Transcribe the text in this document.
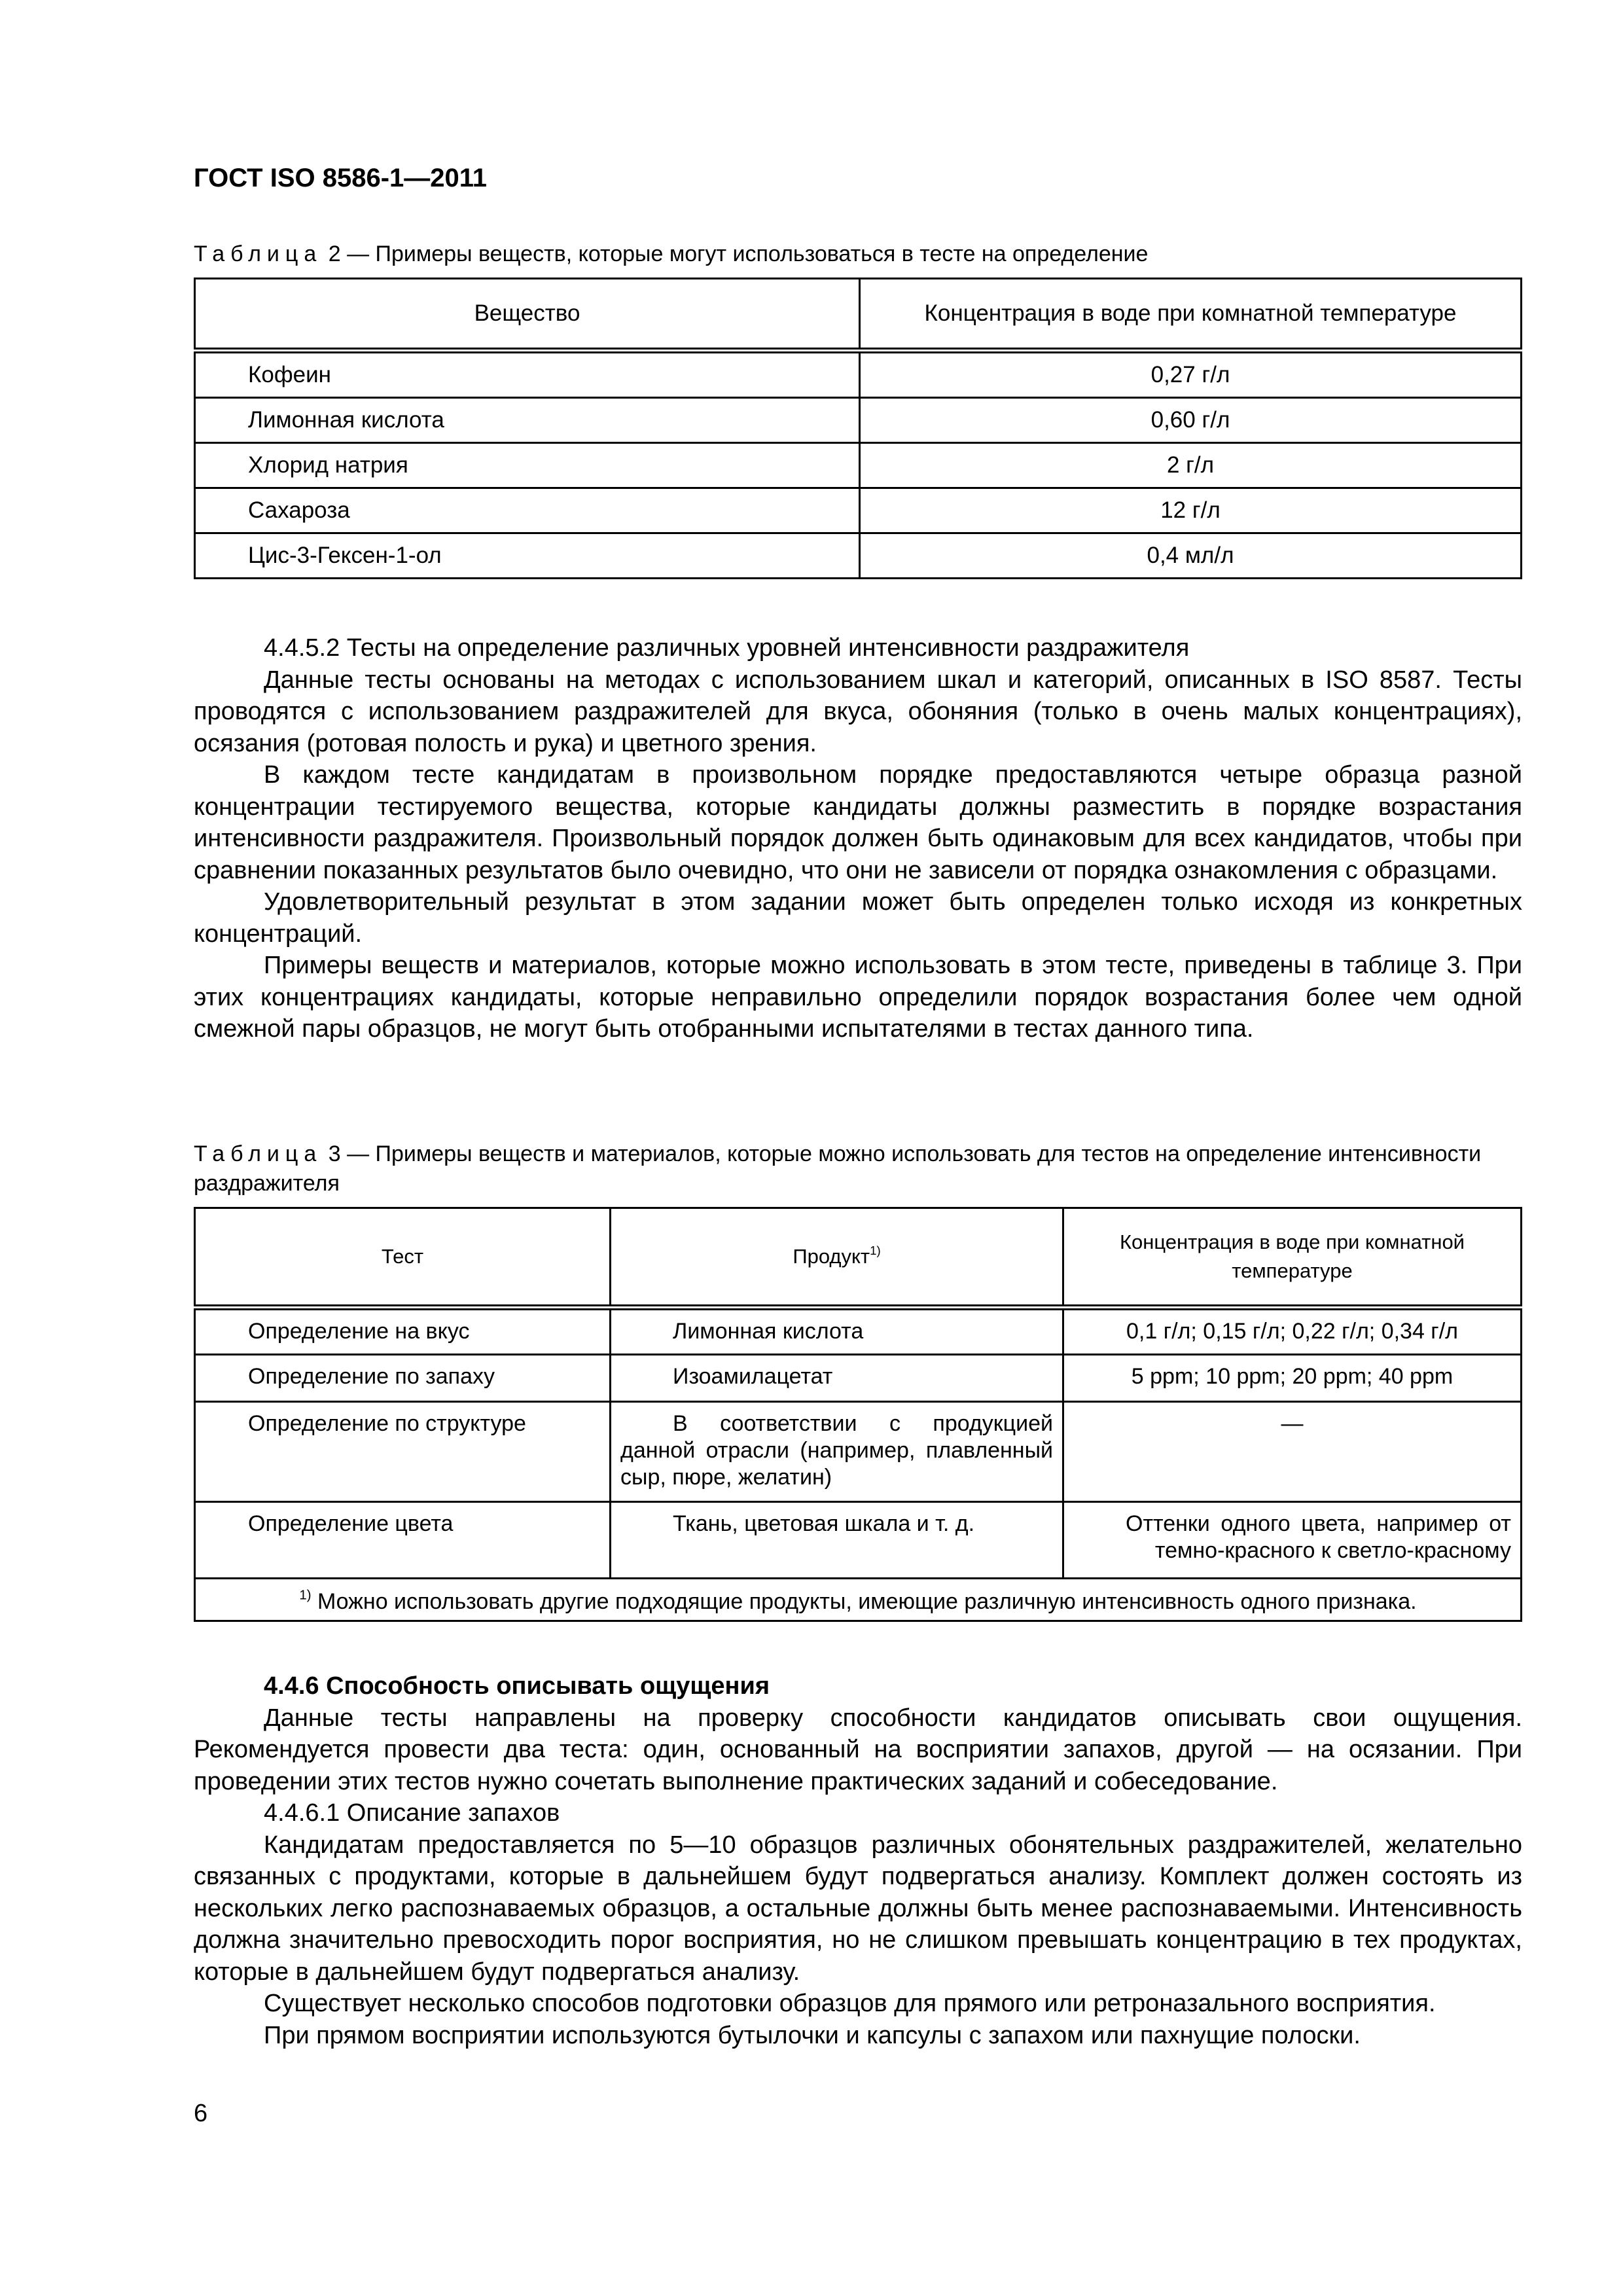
ГОСТ ISO 8586-1—2011
Таблица 2 — Примеры веществ, которые могут использоваться в тесте на определение
Вещество	Концентрация в воде при комнатной температуре
Кофеин	0,27 г/л
Лимонная кислота	0,60 г/л
Хлорид натрия	2 г/л
Сахароза	12 г/л
Цис-3-Гексен-1-ол	0,4 мл/л

4.4.5.2 Тесты на определение различных уровней интенсивности раздражителя

Данные тесты основаны на методах с использованием шкал и категорий, описанных в ISO 8587. Тесты проводятся с использованием раздражителей для вкуса, обоняния (только в очень малых концентрациях), осязания (ротовая полость и рука) и цветного зрения.

В каждом тесте кандидатам в произвольном порядке предоставляются четыре образца разной концентрации тестируемого вещества, которые кандидаты должны разместить в порядке возрастания интенсивности раздражителя. Произвольный порядок должен быть одинаковым для всех кандидатов, чтобы при сравнении показанных результатов было очевидно, что они не зависели от порядка ознакомления с образцами.

Удовлетворительный результат в этом задании может быть определен только исходя из конкретных концентраций.

Примеры веществ и материалов, которые можно использовать в этом тесте, приведены в таблице 3. При этих концентрациях кандидаты, которые неправильно определили порядок возрастания более чем одной смежной пары образцов, не могут быть отобранными испытателями в тестах данного типа.

Таблица 3 — Примеры веществ и материалов, которые можно использовать для тестов на определение интенсивности раздражителя
Тест	Продукт$^{1)}$	Концентрация в воде при комнатной температуре
Определение на вкус	Лимонная кислота	0,1 г/л; 0,15 г/л; 0,22 г/л; 0,34 г/л
Определение по запаху	Изоамилацетат	5 ppm; 10 ppm; 20 ppm; 40 ppm
Определение по структуре	В соответствии с продукцией данной отрасли (например, плавленный сыр, пюре, желатин)	—
Определение цвета	Ткань, цветовая шкала и т. д.	Оттенки одного цвета, например от темно-красного к светло-красному
$^{1)}$ Можно использовать другие подходящие продукты, имеющие различную интенсивность одного признака.		

4.4.6 Способность описывать ощущения

Данные тесты направлены на проверку способности кандидатов описывать свои ощущения. Рекомендуется провести два теста: один, основанный на восприятии запахов, другой — на осязании. При проведении этих тестов нужно сочетать выполнение практических заданий и собеседование.

4.4.6.1 Описание запахов

Кандидатам предоставляется по 5—10 образцов различных обонятельных раздражителей, желательно связанных с продуктами, которые в дальнейшем будут подвергаться анализу. Комплект должен состоять из нескольких легко распознаваемых образцов, а остальные должны быть менее распознаваемыми. Интенсивность должна значительно превосходить порог восприятия, но не слишком превышать концентрацию в тех продуктах, которые в дальнейшем будут подвергаться анализу.

Существует несколько способов подготовки образцов для прямого или ретроназального восприятия.

При прямом восприятии используются бутылочки и капсулы с запахом или пахнущие полоски.

6
